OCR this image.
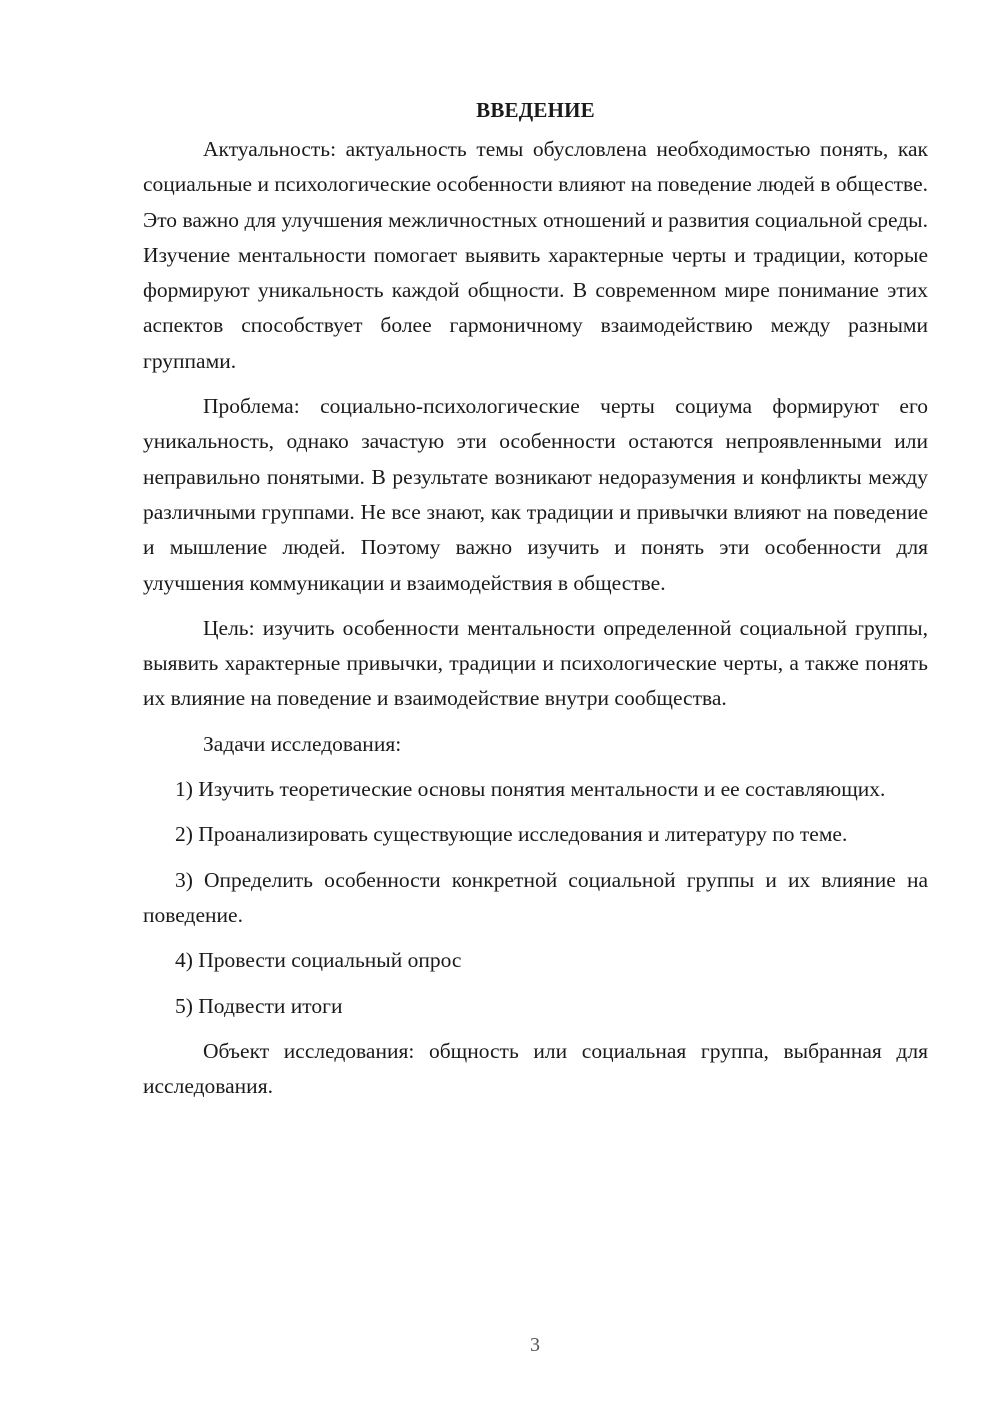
ВВЕДЕНИЕ

Актуальность: актуальность темы обусловлена необходимостью понять, как социальные и психологические особенности влияют на поведение людей в обществе. Это важно для улучшения межличностных отношений и развития социальной среды. Изучение ментальности помогает выявить характерные черты и традиции, которые формируют уникальность каждой общности. В современном мире понимание этих аспектов способствует более гармоничному взаимодействию между разными группами.

Проблема: социально-психологические черты социума формируют его уникальность, однако зачастую эти особенности остаются непроявленными или неправильно понятыми. В результате возникают недоразумения и конфликты между различными группами. Не все знают, как традиции и привычки влияют на поведение и мышление людей. Поэтому важно изучить и понять эти особенности для улучшения коммуникации и взаимодействия в обществе.

Цель: изучить особенности ментальности определенной социальной группы, выявить характерные привычки, традиции и психологические черты, а также понять их влияние на поведение и взаимодействие внутри сообщества.

Задачи исследования:

1) Изучить теоретические основы понятия ментальности и ее составляющих.

2) Проанализировать существующие исследования и литературу по теме.

3) Определить особенности конкретной социальной группы и их влияние на поведение.

4) Провести социальный опрос

5) Подвести итоги

Объект исследования: общность или социальная группа, выбранная для исследования.

3
